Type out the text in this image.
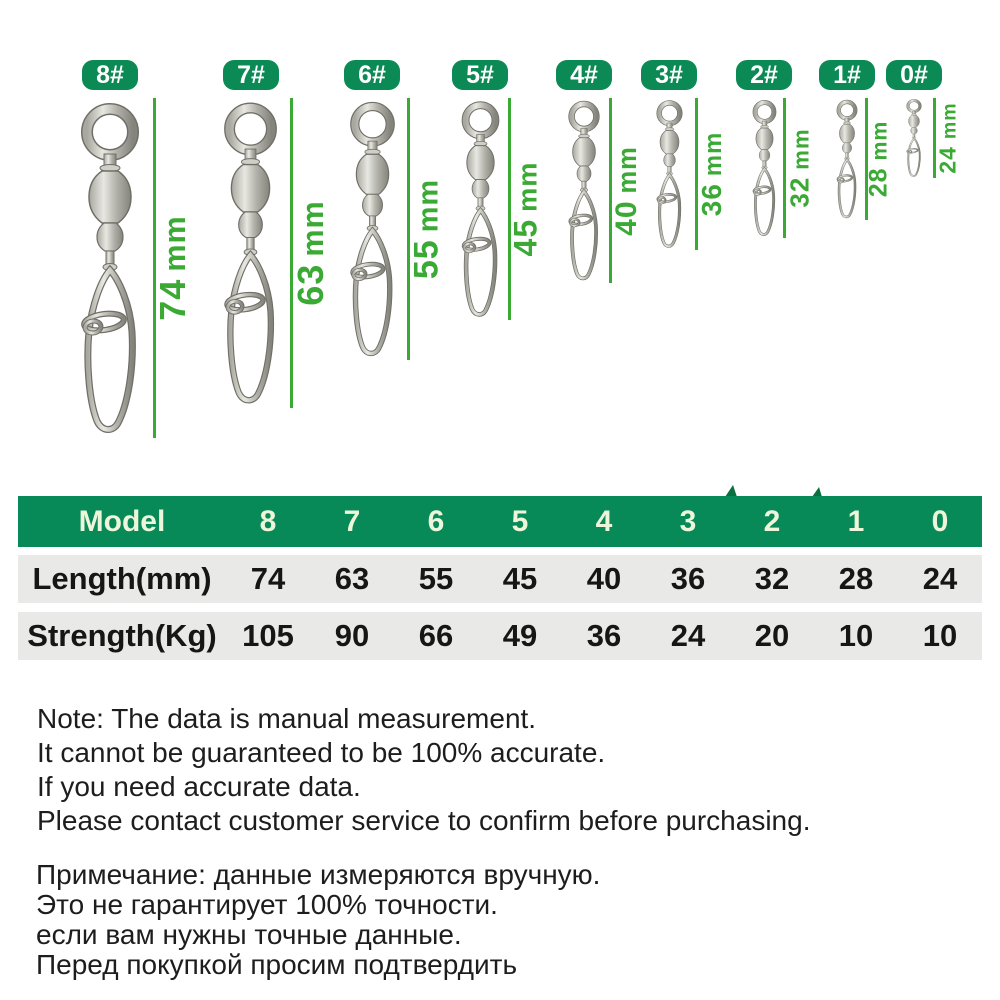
8#
74mm
7#
63mm
6#
55mm
5#
45mm
4#
40mm
3#
36mm
2#
32mm
1#
28mm
0#
24mm
Model	8	7	6	5	4	3	2	1	0
Length(mm)	74	63	55	45	40	36	32	28	24
Strength(Kg) 105	90	66	49	36	24	20	10	10
Note: The data is manual measurement.
It cannot be guaranteed to be 100% accurate.
If you need accurate data.
Please contact customer service to confirm before purchasing.
Примечание: данные измеряются вручную.
Это не гарантирует 100% точности.
если вам нужны точные данные.
Перед покупкой просим подтвердить
